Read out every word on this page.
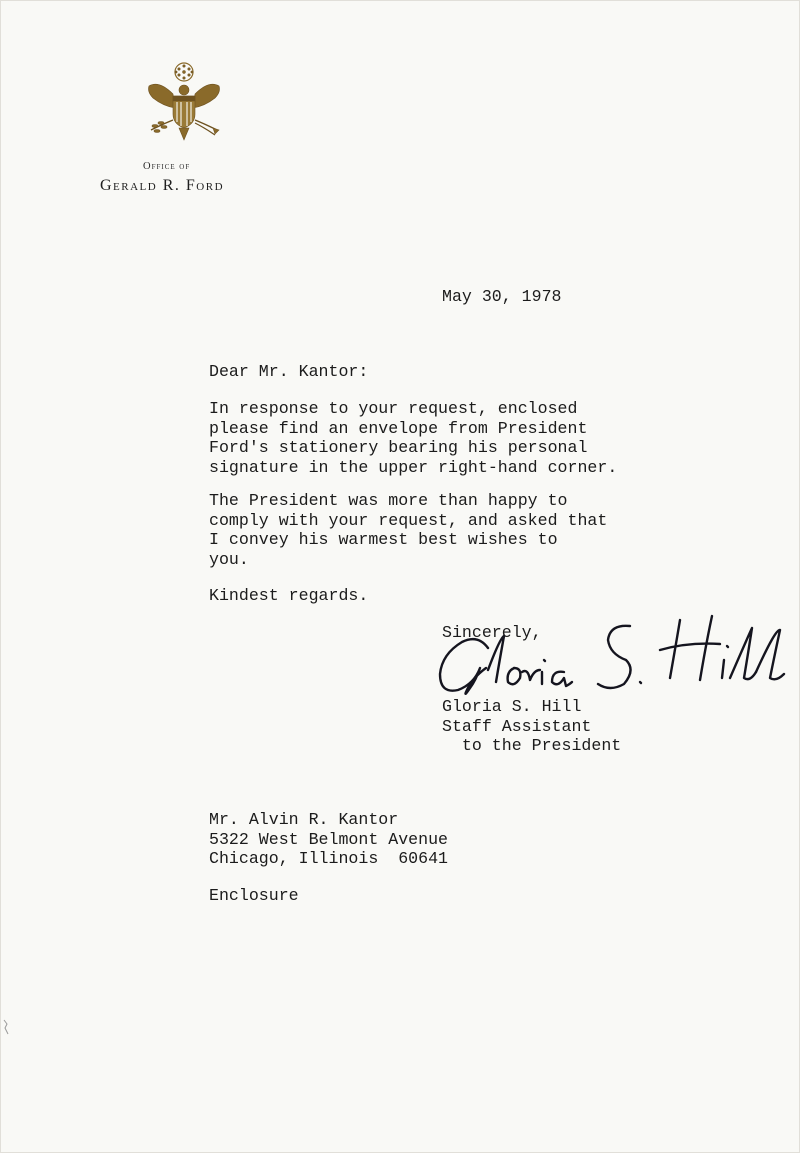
Office of
Gerald R. Ford
May 30, 1978
Dear Mr. Kantor:
In response to your request, enclosed
please find an envelope from President
Ford's stationery bearing his personal
signature in the upper right-hand corner.
The President was more than happy to
comply with your request, and asked that
I convey his warmest best wishes to
you.
Kindest regards.
Sincerely,
Gloria S. Hill
Staff Assistant
to the President
Mr. Alvin R. Kantor
5322 West Belmont Avenue
Chicago, Illinois  60641
Enclosure
